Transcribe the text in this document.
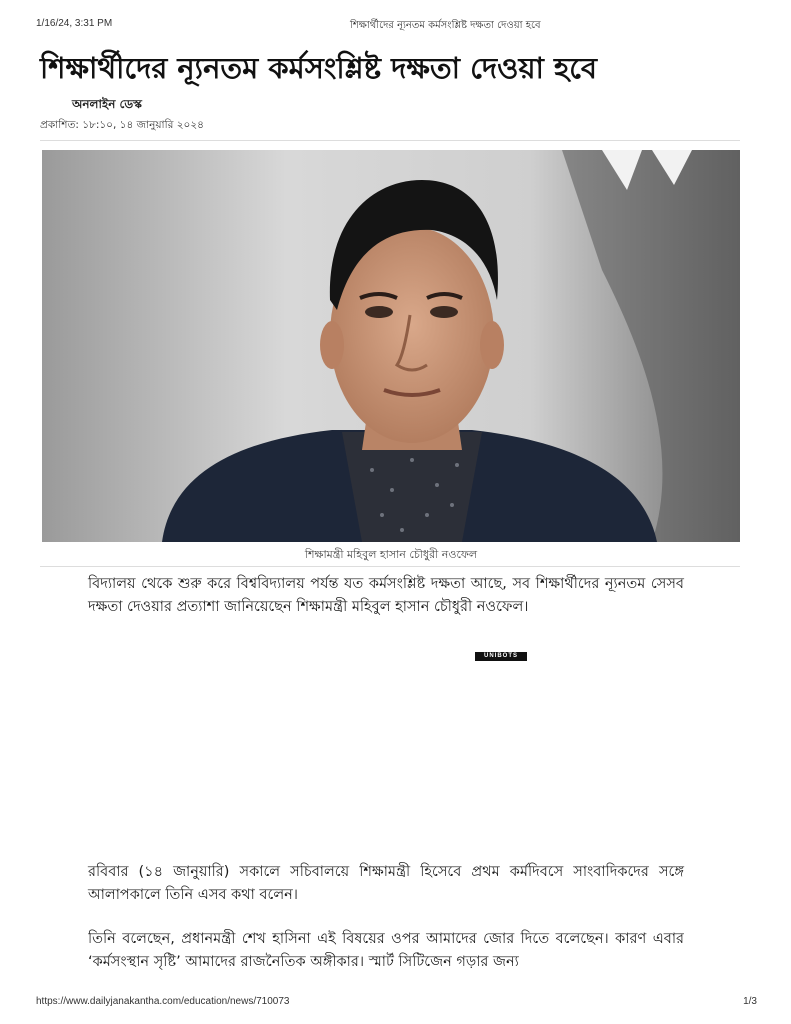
1/16/24, 3:31 PM	শিক্ষার্থীদের ন্যূনতম কর্মসংশ্লিষ্ট দক্ষতা দেওয়া হবে
শিক্ষার্থীদের ন্যূনতম কর্মসংশ্লিষ্ট দক্ষতা দেওয়া হবে
অনলাইন ডেস্ক
প্রকাশিত: ১৮:১০, ১৪ জানুয়ারি ২০২৪
শিক্ষামন্ত্রী মহিবুল হাসান চৌধুরী নওফেল

বিদ্যালয় থেকে শুরু করে বিশ্ববিদ্যালয় পর্যন্ত যত কর্মসংশ্লিষ্ট দক্ষতা আছে, সব শিক্ষার্থীদের ন্যূনতম সেসব দক্ষতা দেওয়ার প্রত্যাশা জানিয়েছেন শিক্ষামন্ত্রী মহিবুল হাসান চৌধুরী নওফেল।

UNIBOTS

রবিবার (১৪ জানুয়ারি) সকালে সচিবালয়ে শিক্ষামন্ত্রী হিসেবে প্রথম কর্মদিবসে সাংবাদিকদের সঙ্গে আলাপকালে তিনি এসব কথা বলেন।

তিনি বলেছেন, প্রধানমন্ত্রী শেখ হাসিনা এই বিষয়ের ওপর আমাদের জোর দিতে বলেছেন। কারণ এবার ‘কর্মসংস্থান সৃষ্টি’ আমাদের রাজনৈতিক অঙ্গীকার। স্মার্ট সিটিজেন গড়ার জন্য

https://www.dailyjanakantha.com/education/news/710073	1/3
